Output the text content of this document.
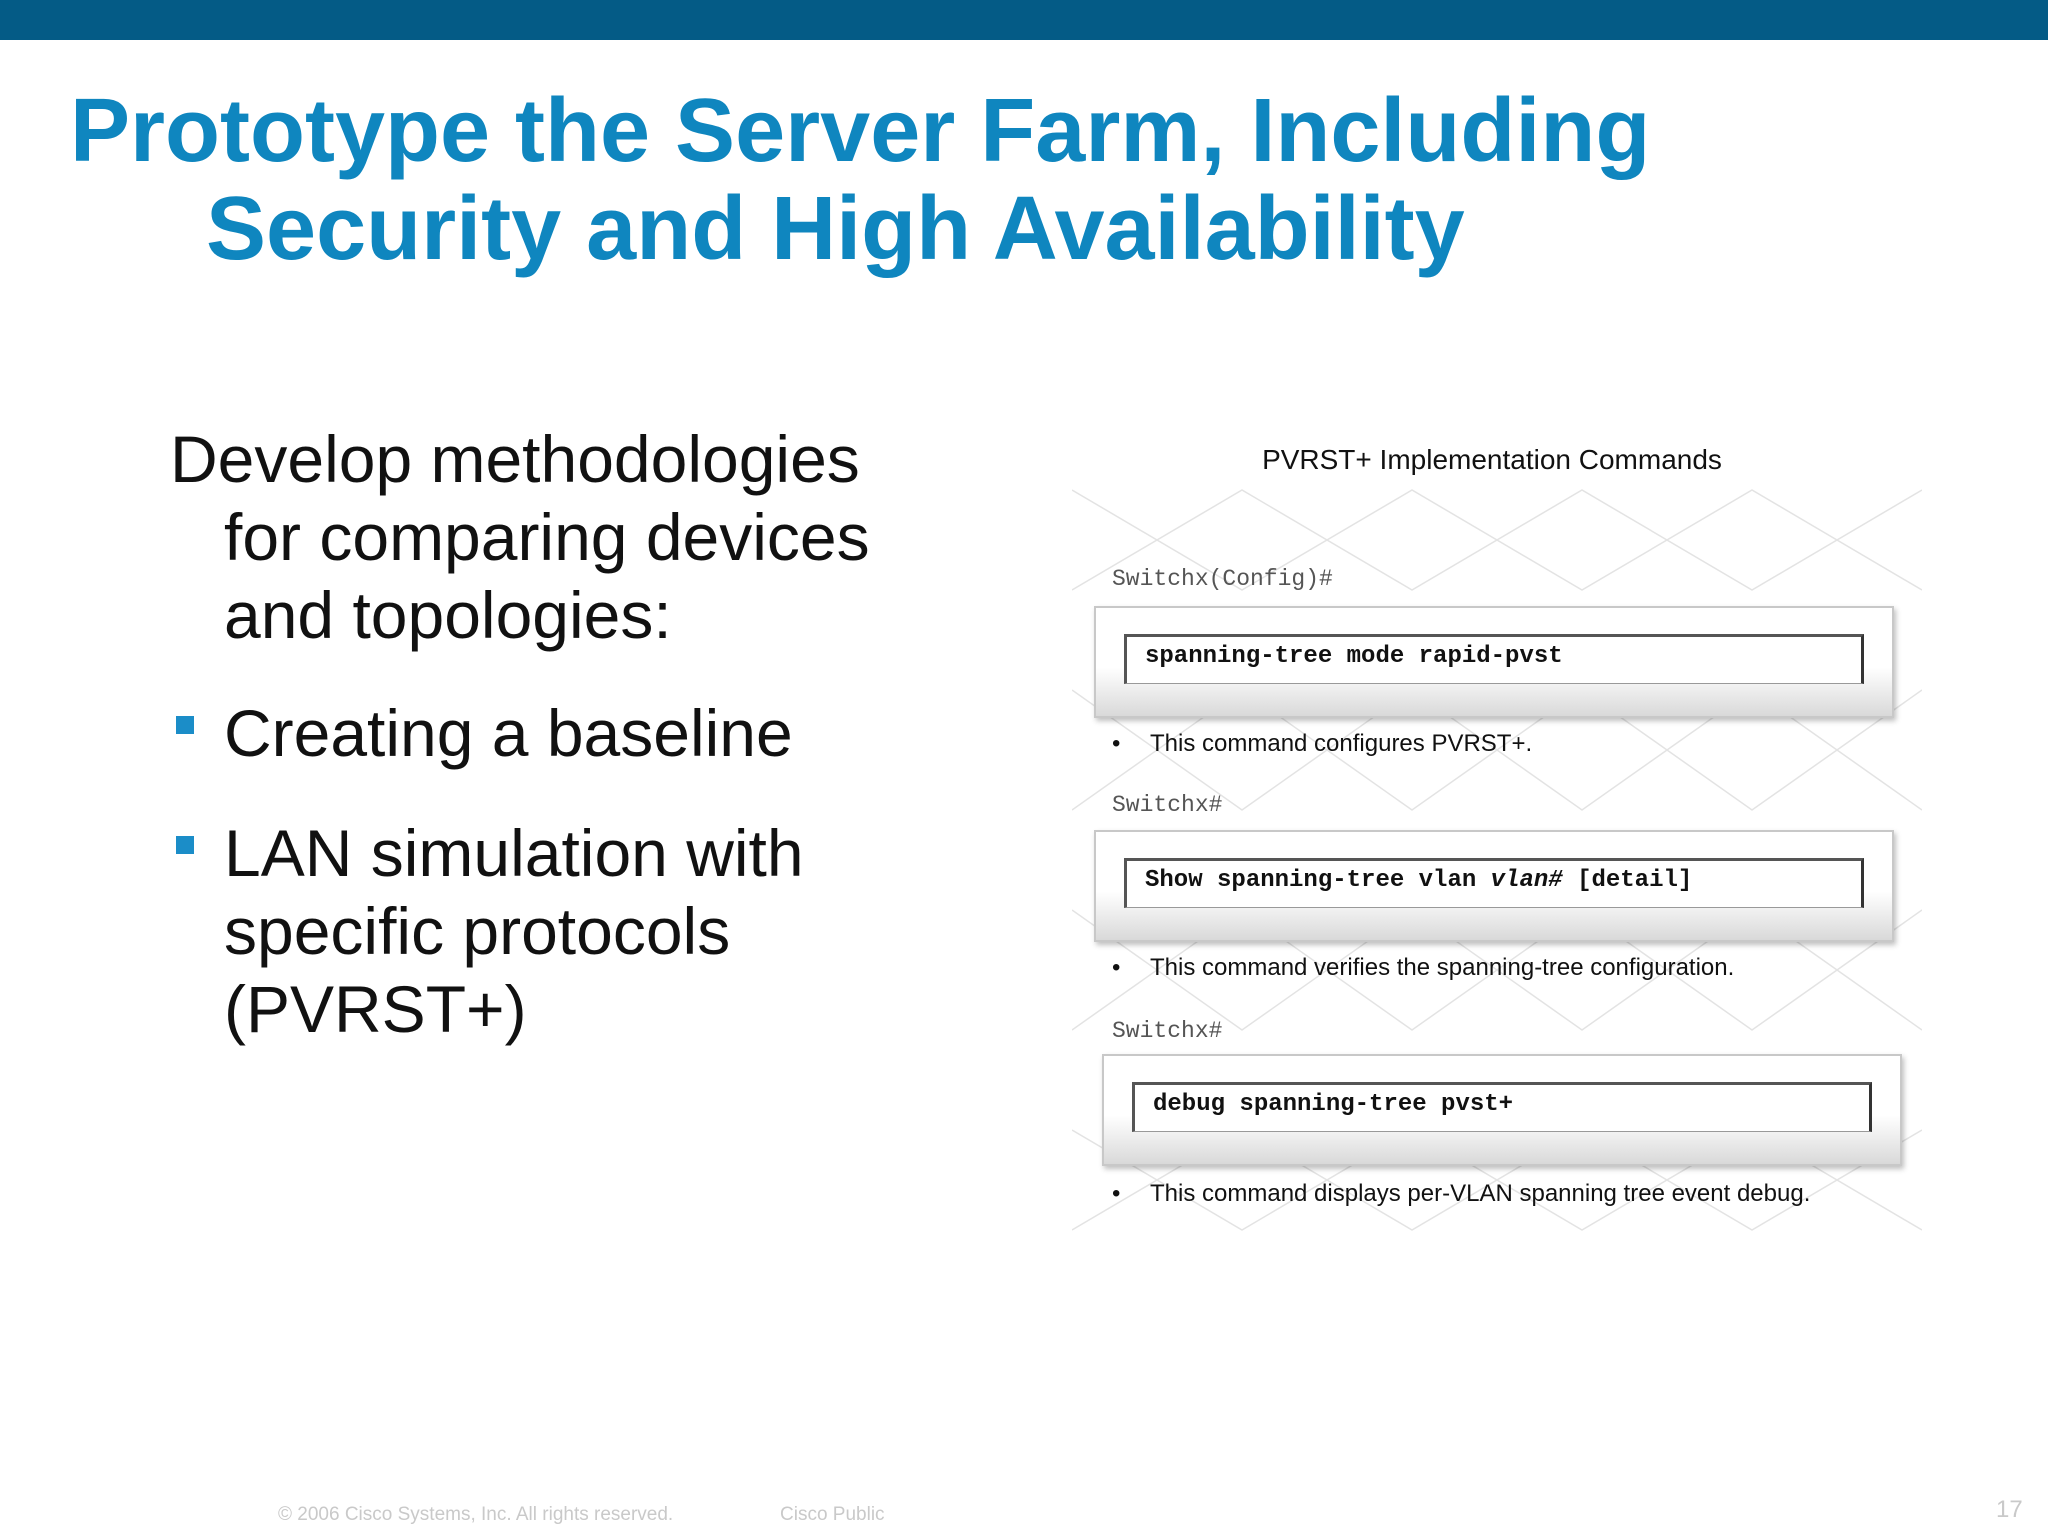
Prototype the Server Farm, Including
Security and High Availability
Develop methodologies
for comparing devices
and topologies:
Creating a baseline
LAN simulation with
specific protocols
(PVRST+)
PVRST+ Implementation Commands
Switchx(Config)#
spanning-tree mode rapid-pvst
• This command configures PVRST+.
Switchx#
Show spanning-tree vlan vlan# [detail]
• This command verifies the spanning-tree configuration.
Switchx#
debug spanning-tree pvst+
• This command displays per-VLAN spanning tree event debug.
© 2006 Cisco Systems, Inc. All rights reserved.	Cisco Public	17
